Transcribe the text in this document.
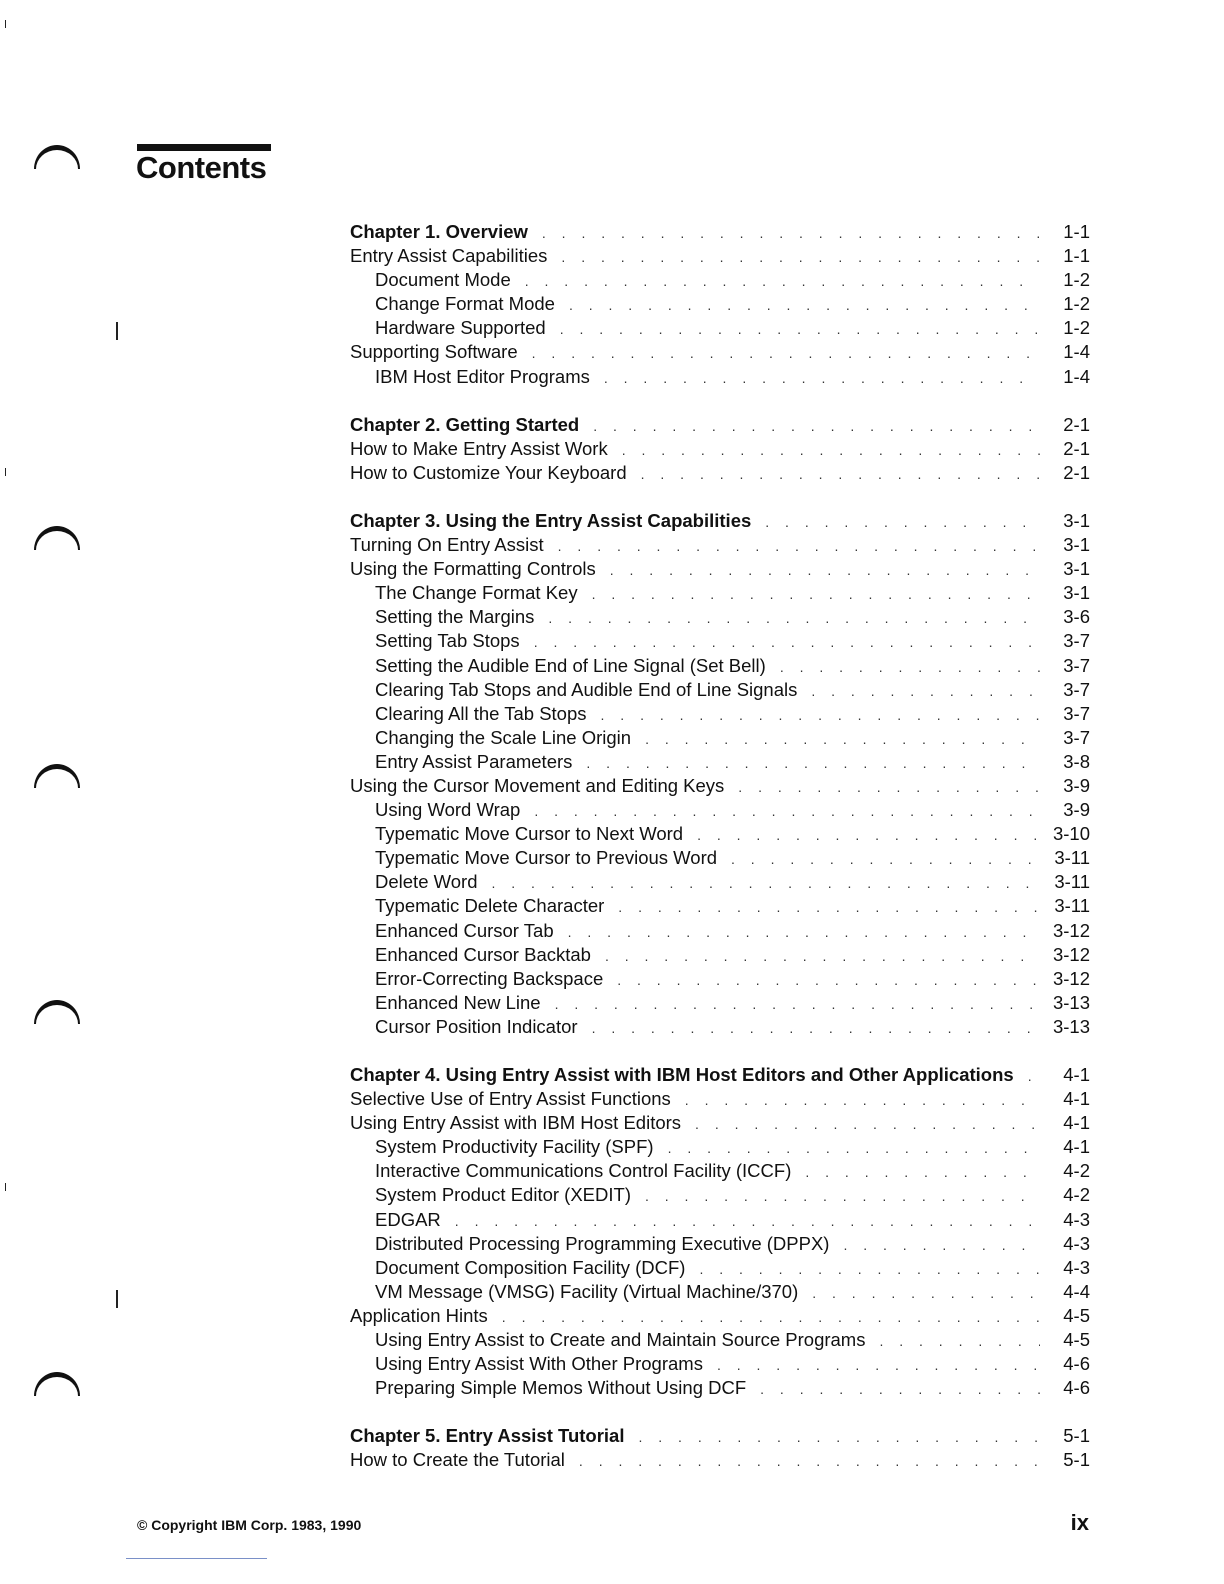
Contents
Chapter 1. Overview . . .	1-1
Entry Assist Capabilities . . .	1-1
Document Mode . . .	1-2
Change Format Mode . . .	1-2
Hardware Supported . . .	1-2
Supporting Software . . .	1-4
IBM Host Editor Programs . . .	1-4
Chapter 2. Getting Started . . .	2-1
How to Make Entry Assist Work . . .	2-1
How to Customize Your Keyboard . . .	2-1
Chapter 3. Using the Entry Assist Capabilities . . .	3-1
Turning On Entry Assist . . .	3-1
Using the Formatting Controls . . .	3-1
The Change Format Key . . .	3-1
Setting the Margins . . .	3-6
Setting Tab Stops . . .	3-7
Setting the Audible End of Line Signal (Set Bell) . . .	3-7
Clearing Tab Stops and Audible End of Line Signals . . .	3-7
Clearing All the Tab Stops . . .	3-7
Changing the Scale Line Origin . . .	3-7
Entry Assist Parameters . . .	3-8
Using the Cursor Movement and Editing Keys . . .	3-9
Using Word Wrap . . .	3-9
Typematic Move Cursor to Next Word . . .	3-10
Typematic Move Cursor to Previous Word . . .	3-11
Delete Word . . .	3-11
Typematic Delete Character . . .	3-11
Enhanced Cursor Tab . . .	3-12
Enhanced Cursor Backtab . . .	3-12
Error-Correcting Backspace . . .	3-12
Enhanced New Line . . .	3-13
Cursor Position Indicator . . .	3-13
Chapter 4. Using Entry Assist with IBM Host Editors and Other Applications . . .	4-1
Selective Use of Entry Assist Functions . . .	4-1
Using Entry Assist with IBM Host Editors . . .	4-1
System Productivity Facility (SPF) . . .	4-1
Interactive Communications Control Facility (ICCF) . . .	4-2
System Product Editor (XEDIT) . . .	4-2
EDGAR . . .	4-3
Distributed Processing Programming Executive (DPPX) . . .	4-3
Document Composition Facility (DCF) . . .	4-3
VM Message (VMSG) Facility (Virtual Machine/370) . . .	4-4
Application Hints . . .	4-5
Using Entry Assist to Create and Maintain Source Programs . . .	4-5
Using Entry Assist With Other Programs . . .	4-6
Preparing Simple Memos Without Using DCF . . .	4-6
Chapter 5. Entry Assist Tutorial . . .	5-1
How to Create the Tutorial . . .	5-1
© Copyright IBM Corp. 1983, 1990	ix
